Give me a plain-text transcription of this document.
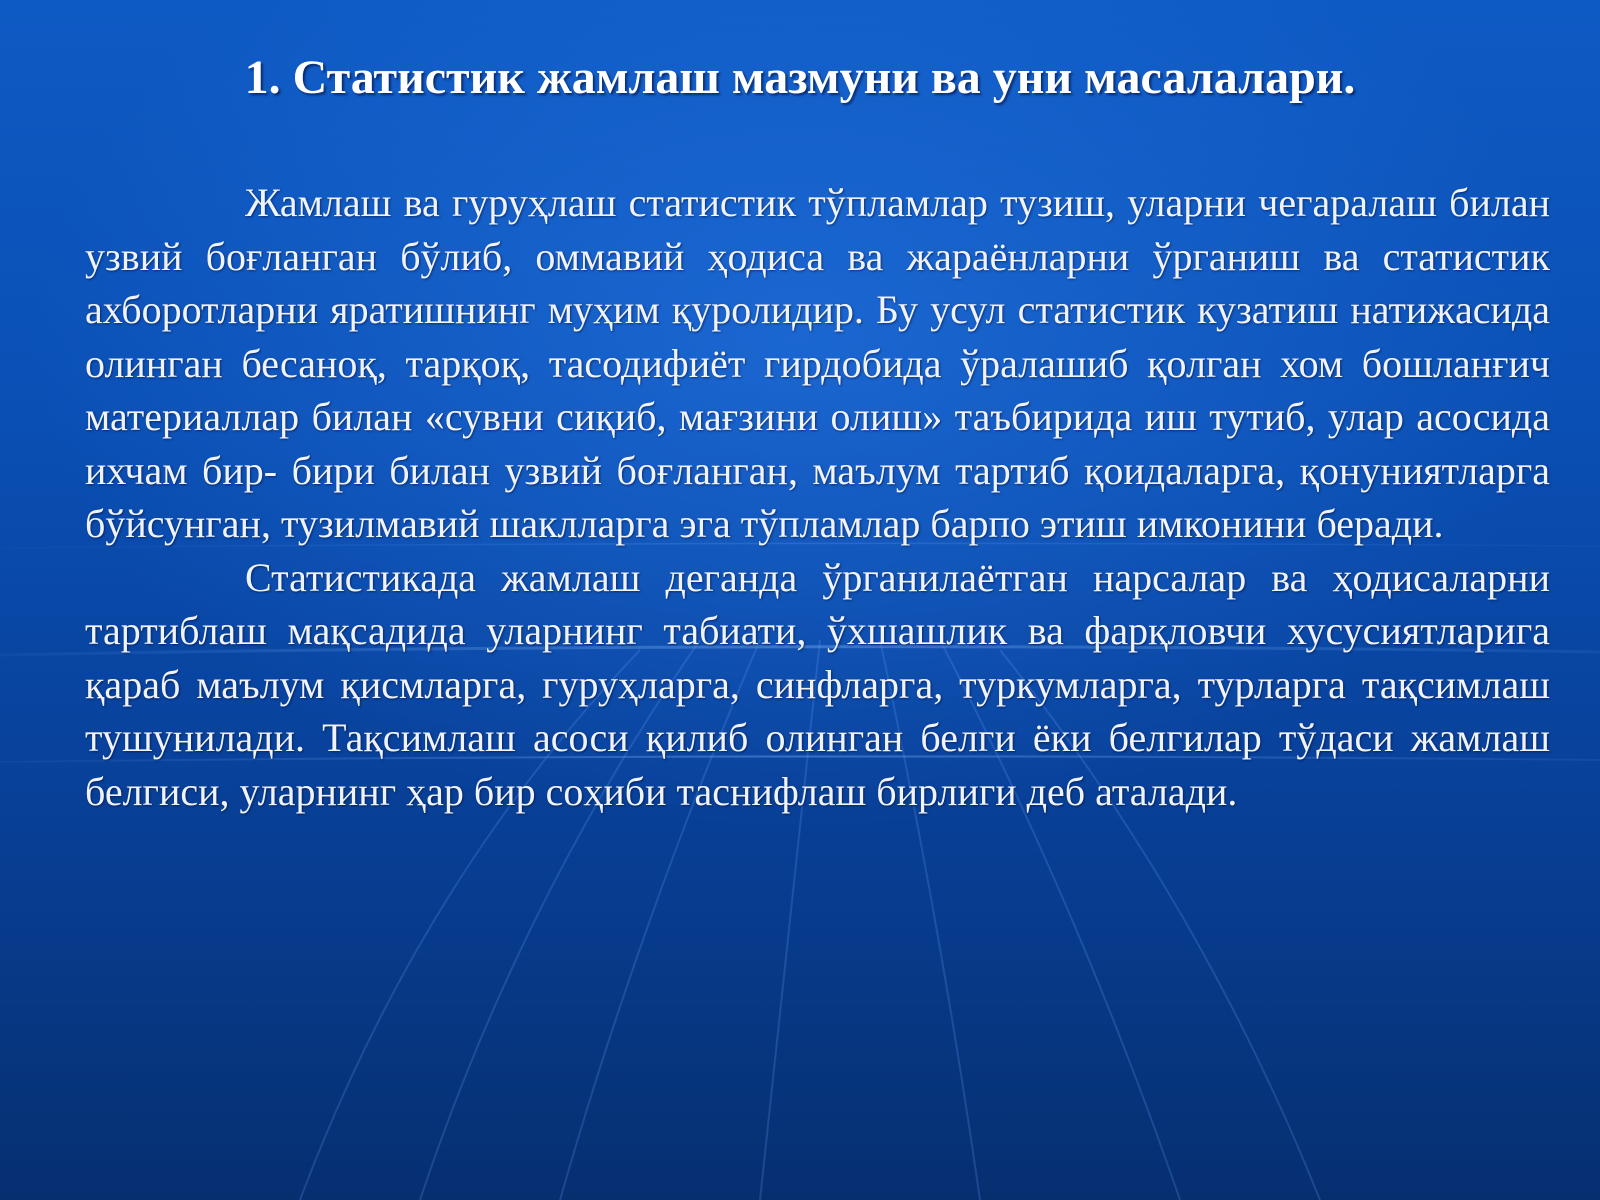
1. Статистик жамлаш мазмуни ва уни масалалари.

Жамлаш ва гуруҳлаш статистик тўпламлар тузиш, уларни чегаралаш билан узвий боғланган бўлиб, оммавий ҳодиса ва жараёнларни ўрганиш ва статистик ахборотларни яратишнинг муҳим қуролидир. Бу усул статистик кузатиш натижасида олинган бесаноқ, тарқоқ, тасодифиёт гирдобида ўралашиб қолган хом бошланғич материаллар билан «сувни сиқиб, мағзини олиш» таъбирида иш тутиб, улар асосида ихчам бир- бири билан узвий боғланган, маълум тартиб қоидаларга, қонуниятларга бўйсунган, тузилмавий шаклларга эга тўпламлар барпо этиш имконини беради.

Статистикада жамлаш деганда ўрганилаётган нарсалар ва ҳодисаларни тартиблаш мақсадида уларнинг табиати, ўхшашлик ва фарқловчи хусусиятларига қараб маълум қисмларга, гуруҳларга, синфларга, туркумларга, турларга тақсимлаш тушунилади. Тақсимлаш асоси қилиб олинган белги ёки белгилар тўдаси жамлаш белгиси, уларнинг ҳар бир соҳиби таснифлаш бирлиги деб аталади.
